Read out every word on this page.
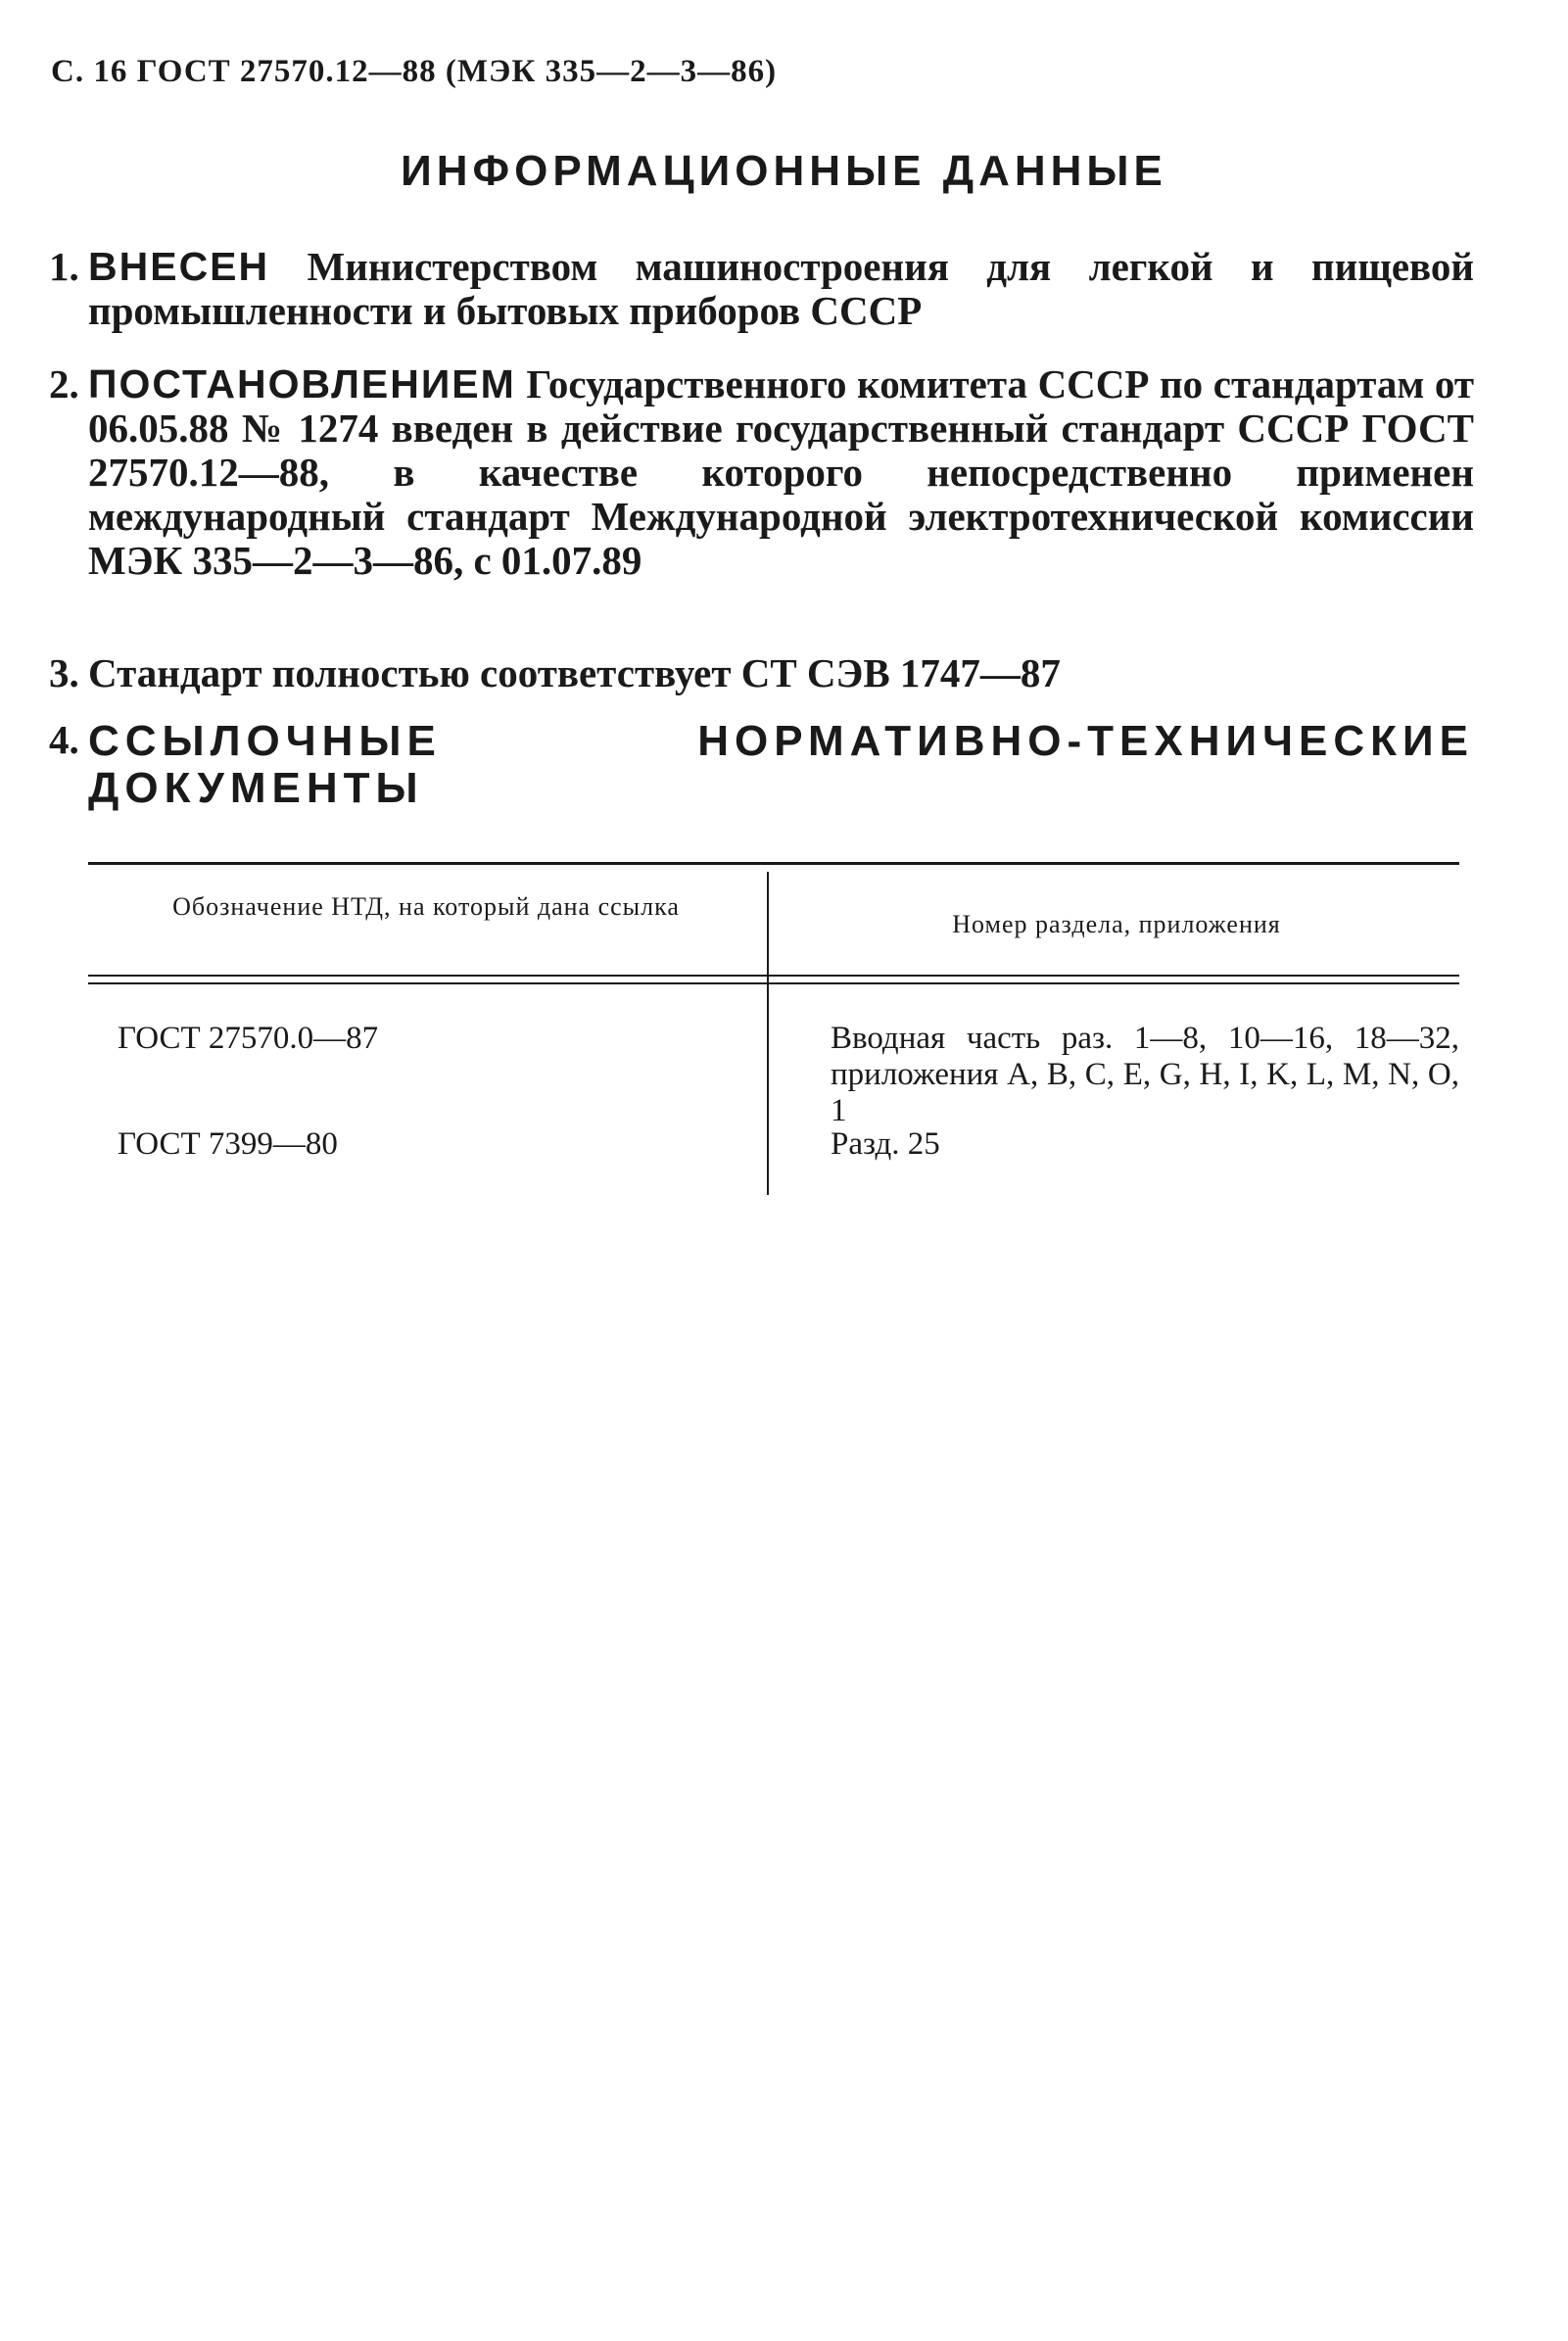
С. 16 ГОСТ 27570.12—88 (МЭК 335—2—3—86)
ИНФОРМАЦИОННЫЕ ДАННЫЕ
1. ВНЕСЕН Министерством машиностроения для легкой и пищевой промышленности и бытовых приборов СССР
2. ПОСТАНОВЛЕНИЕМ Государственного комитета СССР по стандартам от 06.05.88 № 1274 введен в действие государственный стандарт СССР ГОСТ 27570.12—88, в качестве которого непосредственно применен международный стандарт Международной электротехнической комиссии МЭК 335—2—3—86, с 01.07.89
3. Стандарт полностью соответствует СТ СЭВ 1747—87
4. ССЫЛОЧНЫЕ НОРМАТИВНО-ТЕХНИЧЕСКИЕ ДОКУМЕНТЫ
Обозначение НТД, на который дана ссылка
Номер раздела, приложения
ГОСТ 27570.0—87	Вводная часть раз. 1—8, 10—16, 18—32, приложения A, B, C, E, G, H, I, K, L, M, N, O, 1
ГОСТ 7399—80	Разд. 25
